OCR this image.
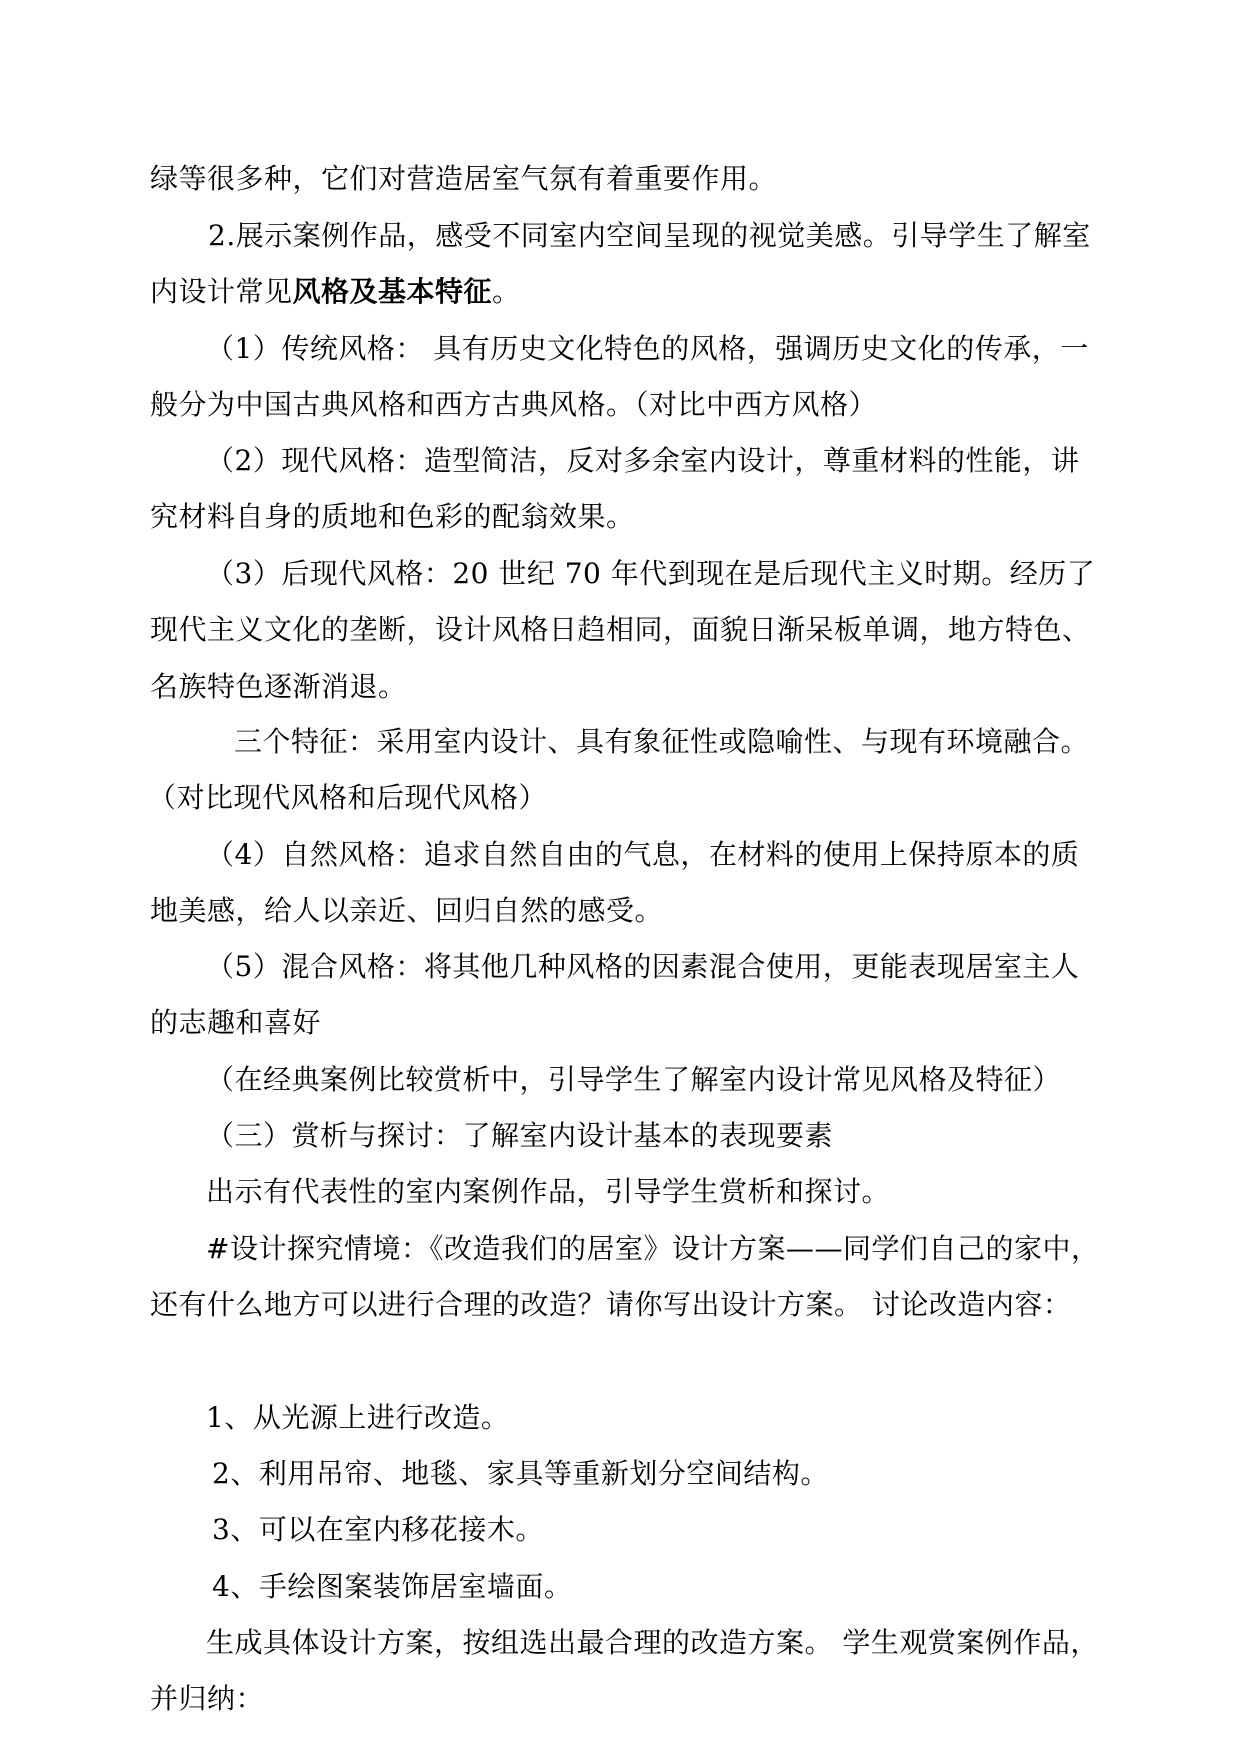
绿等很多种，它们对营造居室气氛有着重要作用。
2.展示案例作品，感受不同室内空间呈现的视觉美感。引导学生了解室
内设计常见风格及基本特征。
（1）传统风格： 具有历史文化特色的风格，强调历史文化的传承，一
般分为中国古典风格和西方古典风格。（对比中西方风格）
（2）现代风格：造型简洁，反对多余室内设计，尊重材料的性能，讲
究材料自身的质地和色彩的配翁效果。
（3）后现代风格：20 世纪 70 年代到现在是后现代主义时期。经历了
现代主义文化的垄断，设计风格日趋相同，面貌日渐呆板单调，地方特色、
名族特色逐渐消退。
三个特征：采用室内设计、具有象征性或隐喻性、与现有环境融合。
（对比现代风格和后现代风格）
（4）自然风格：追求自然自由的气息，在材料的使用上保持原本的质
地美感，给人以亲近、回归自然的感受。
（5）混合风格：将其他几种风格的因素混合使用，更能表现居室主人
的志趣和喜好
（在经典案例比较赏析中，引导学生了解室内设计常见风格及特征）
（三）赏析与探讨：了解室内设计基本的表现要素
出示有代表性的室内案例作品，引导学生赏析和探讨。
#设计探究情境：《改造我们的居室》设计方案——同学们自己的家中，
还有什么地方可以进行合理的改造？请你写出设计方案。 讨论改造内容：
1、从光源上进行改造。
2、利用吊帘、地毯、家具等重新划分空间结构。
3、可以在室内移花接木。
4、手绘图案装饰居室墙面。
生成具体设计方案，按组选出最合理的改造方案。 学生观赏案例作品，
并归纳：
